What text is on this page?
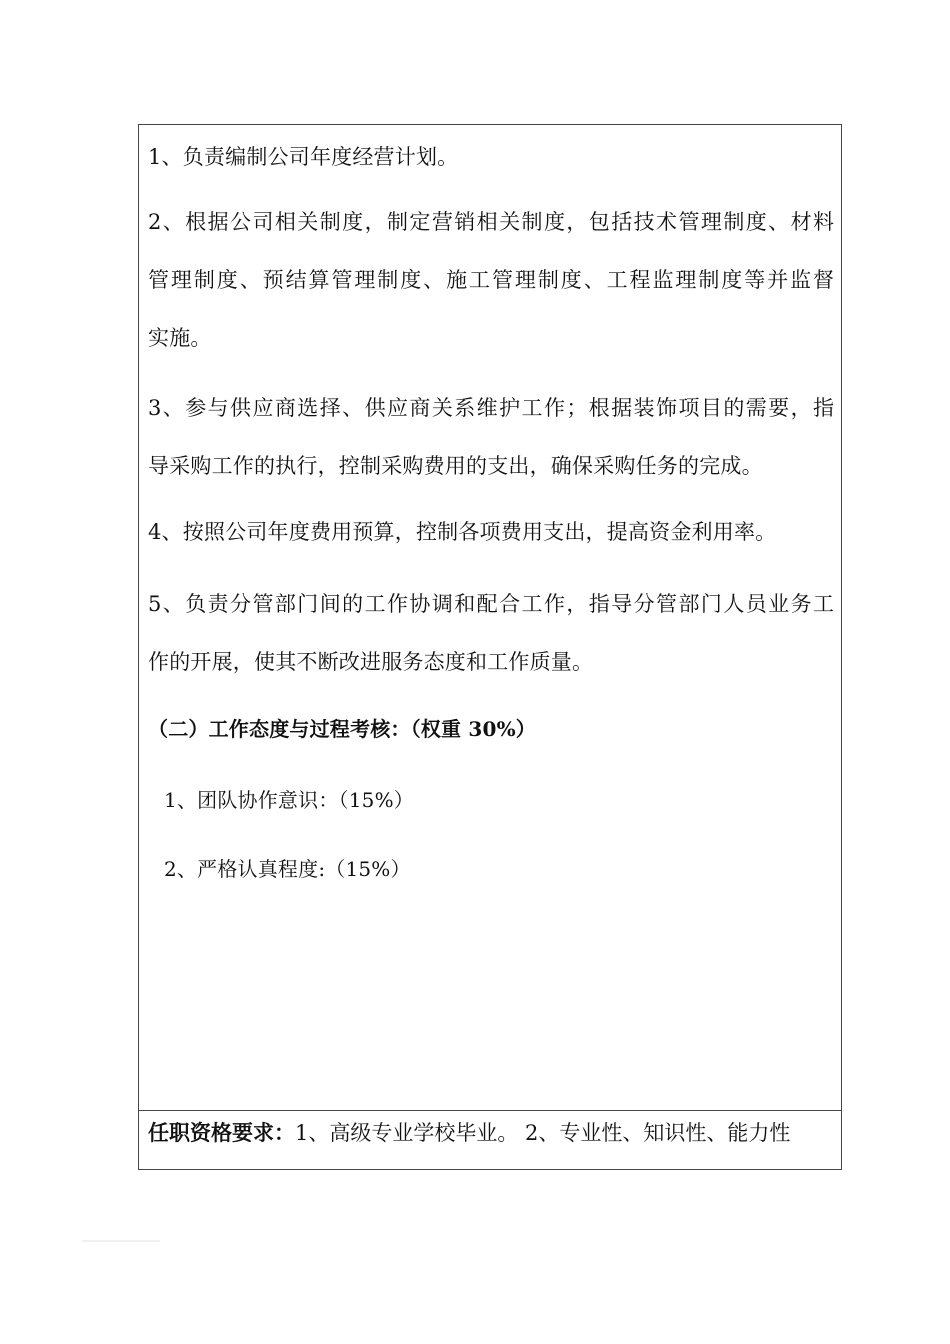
1、负责编制公司年度经营计划。
2、根据公司相关制度，制定营销相关制度，包括技术管理制度、材料
管理制度、预结算管理制度、施工管理制度、工程监理制度等并监督
实施。
3、参与供应商选择、供应商关系维护工作；根据装饰项目的需要，指
导采购工作的执行，控制采购费用的支出，确保采购任务的完成。
4、按照公司年度费用预算，控制各项费用支出，提高资金利用率。
5、负责分管部门间的工作协调和配合工作，指导分管部门人员业务工
作的开展，使其不断改进服务态度和工作质量。
（二）工作态度与过程考核：（权重 30%）
1、团队协作意识：（15%）
2、严格认真程度:（15%）
任职资格要求：1、高级专业学校毕业。 2、专业性、知识性、能力性
